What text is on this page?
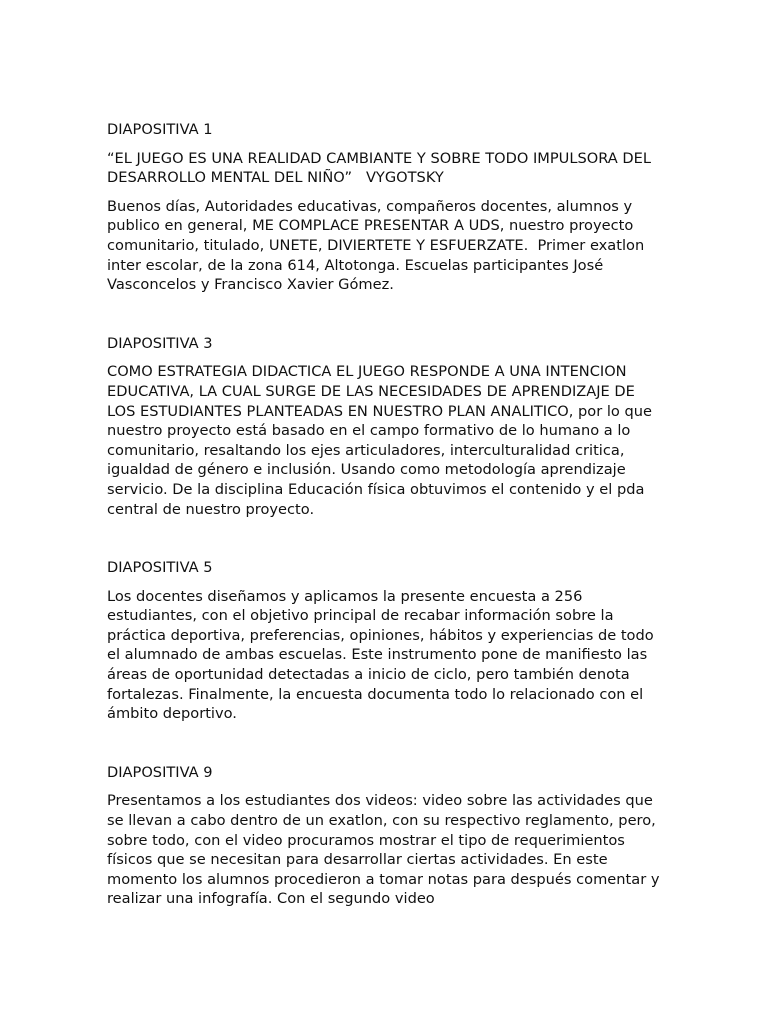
DIAPOSITIVA 1

“EL JUEGO ES UNA REALIDAD CAMBIANTE Y SOBRE TODO IMPULSORA DEL DESARROLLO MENTAL DEL NIÑO”   VYGOTSKY

Buenos días, Autoridades educativas, compañeros docentes, alumnos y publico en general, ME COMPLACE PRESENTAR A UDS, nuestro proyecto comunitario, titulado, UNETE, DIVIERTETE Y ESFUERZATE.  Primer exatlon inter escolar, de la zona 614, Altotonga. Escuelas participantes José Vasconcelos y Francisco Xavier Gómez.

DIAPOSITIVA 3

COMO ESTRATEGIA DIDACTICA EL JUEGO RESPONDE A UNA INTENCION EDUCATIVA, LA CUAL SURGE DE LAS NECESIDADES DE APRENDIZAJE DE LOS ESTUDIANTES PLANTEADAS EN NUESTRO PLAN ANALITICO, por lo que nuestro proyecto está basado en el campo formativo de lo humano a lo comunitario, resaltando los ejes articuladores, interculturalidad critica, igualdad de género e inclusión. Usando como metodología aprendizaje servicio. De la disciplina Educación física obtuvimos el contenido y el pda central de nuestro proyecto.

DIAPOSITIVA 5

Los docentes diseñamos y aplicamos la presente encuesta a 256 estudiantes, con el objetivo principal de recabar información sobre la práctica deportiva, preferencias, opiniones, hábitos y experiencias de todo el alumnado de ambas escuelas. Este instrumento pone de manifiesto las áreas de oportunidad detectadas a inicio de ciclo, pero también denota fortalezas. Finalmente, la encuesta documenta todo lo relacionado con el ámbito deportivo.

DIAPOSITIVA 9

Presentamos a los estudiantes dos videos: video sobre las actividades que se llevan a cabo dentro de un exatlon, con su respectivo reglamento, pero, sobre todo, con el video procuramos mostrar el tipo de requerimientos físicos que se necesitan para desarrollar ciertas actividades. En este momento los alumnos procedieron a tomar notas para después comentar y realizar una infografía. Con el segundo video
